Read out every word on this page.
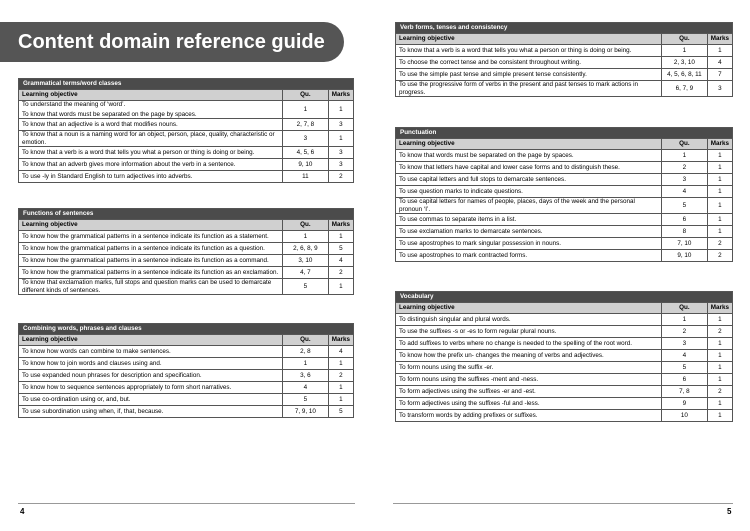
Content domain reference guide
4
Grammatical terms/word classes		
Learning objective	Qu.	Marks

To understand the meaning of ‘word’.
To know that words must be separated on the page by spaces.	1	1

To know that an adjective is a word that modifies nouns.	2, 7, 8	3

To know that a noun is a naming word for an object, person, place, quality, characteristic or emotion.	3	1

To know that a verb is a word that tells you what a person or thing is doing or being.	4, 5, 6	3

To know that an adverb gives more information about the verb in a sentence.	9, 10	3

To use -ly in Standard English to turn adjectives into adverbs.	11	2
Functions of sentences		
Learning objective	Qu.	Marks

To know how the grammatical patterns in a sentence indicate its function as a statement.	1	1

To know how the grammatical patterns in a sentence indicate its function as a question.	2, 6, 8, 9	5

To know how the grammatical patterns in a sentence indicate its function as a command.	3, 10	4

To know how the grammatical patterns in a sentence indicate its function as an exclamation.	4, 7	2

To know that exclamation marks, full stops and question marks can be used to demarcate different kinds of sentences.	5	1
Combining words, phrases and clauses		
Learning objective	Qu.	Marks

To know how words can combine to make sentences.	2, 8	4

To know how to join words and clauses using and.	1	1

To use expanded noun phrases for description and specification.	3, 6	2

To know how to sequence sentences appropriately to form short narratives.	4	1

To use co-ordination using or, and, but.	5	1

To use subordination using when, if, that, because.	7, 9, 10	5
5
Verb forms, tenses and consistency		
Learning objective	Qu.	Marks

To know that a verb is a word that tells you what a person or thing is doing or being.	1	1

To choose the correct tense and be consistent throughout writing.	2, 3, 10	4

To use the simple past tense and simple present tense consistently.	4, 5, 6, 8, 11	7

To use the progressive form of verbs in the present and past tenses to mark actions in progress.	6, 7, 9	3
Punctuation		
Learning objective	Qu.	Marks

To know that words must be separated on the page by spaces.	1	1

To know that letters have capital and lower case forms and to distinguish these.	2	1

To use capital letters and full stops to demarcate sentences.	3	1

To use question marks to indicate questions.	4	1

To use capital letters for names of people, places, days of the week and the personal pronoun ‘I’.	5	1

To use commas to separate items in a list.	6	1

To use exclamation marks to demarcate sentences.	8	1

To use apostrophes to mark singular possession in nouns.	7, 10	2

To use apostrophes to mark contracted forms.	9, 10	2
Vocabulary		
Learning objective	Qu.	Marks

To distinguish singular and plural words.	1	1

To use the suffixes -s or -es to form regular plural nouns.	2	2

To add suffixes to verbs where no change is needed to the spelling of the root word.	3	1

To know how the prefix un- changes the meaning of verbs and adjectives.	4	1

To form nouns using the suffix -er.	5	1

To form nouns using the suffixes -ment and -ness.	6	1

To form adjectives using the suffixes -er and -est.	7, 8	2

To form adjectives using the suffixes -ful and -less.	9	1

To transform words by adding prefixes or suffixes.	10	1
